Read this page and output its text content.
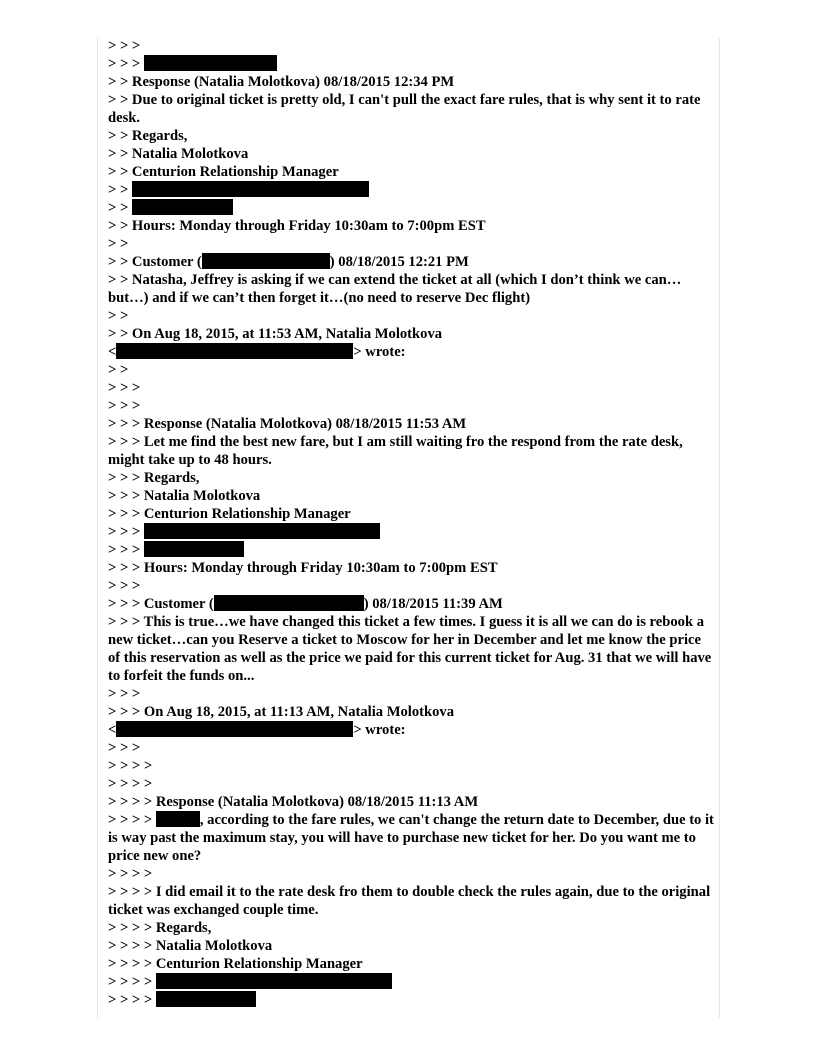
> > >
> > >
> > Response (Natalia Molotkova) 08/18/2015 12:34 PM
> > Due to original ticket is pretty old, I can't pull the exact fare rules, that is why sent it to rate desk.
> > Regards,
> > Natalia Molotkova
> > Centurion Relationship Manager
> >
> >
> > Hours: Monday through Friday 10:30am to 7:00pm EST
> >
> > Customer (	) 08/18/2015 12:21 PM
> > Natasha, Jeffrey is asking if we can extend the ticket at all (which I don’t think we can…but…) and if we can’t then forget it…(no need to reserve Dec flight)
> >
> > On Aug 18, 2015, at 11:53 AM, Natalia Molotkova
<	> wrote:
> >
> > >
> > >
> > > Response (Natalia Molotkova) 08/18/2015 11:53 AM
> > > Let me find the best new fare, but I am still waiting fro the respond from the rate desk, might take up to 48 hours.
> > > Regards,
> > > Natalia Molotkova
> > > Centurion Relationship Manager
> > >
> > >
> > > Hours: Monday through Friday 10:30am to 7:00pm EST
> > >
> > > Customer (	) 08/18/2015 11:39 AM
> > > This is true…we have changed this ticket a few times. I guess it is all we can do is rebook a new ticket…can you Reserve a ticket to Moscow for her in December and let me know the price of this reservation as well as the price we paid for this current ticket for Aug. 31 that we will have to forfeit the funds on...
> > >
> > > On Aug 18, 2015, at 11:13 AM, Natalia Molotkova
<	> wrote:
> > >
> > > >
> > > >
> > > > Response (Natalia Molotkova) 08/18/2015 11:13 AM
> > > >	, according to the fare rules, we can't change the return date to December, due to it is way past the maximum stay, you will have to purchase new ticket for her. Do you want me to price new one?
> > > >
> > > > I did email it to the rate desk fro them to double check the rules again, due to the original ticket was exchanged couple time.
> > > > Regards,
> > > > Natalia Molotkova
> > > > Centurion Relationship Manager
> > > >
> > > >
